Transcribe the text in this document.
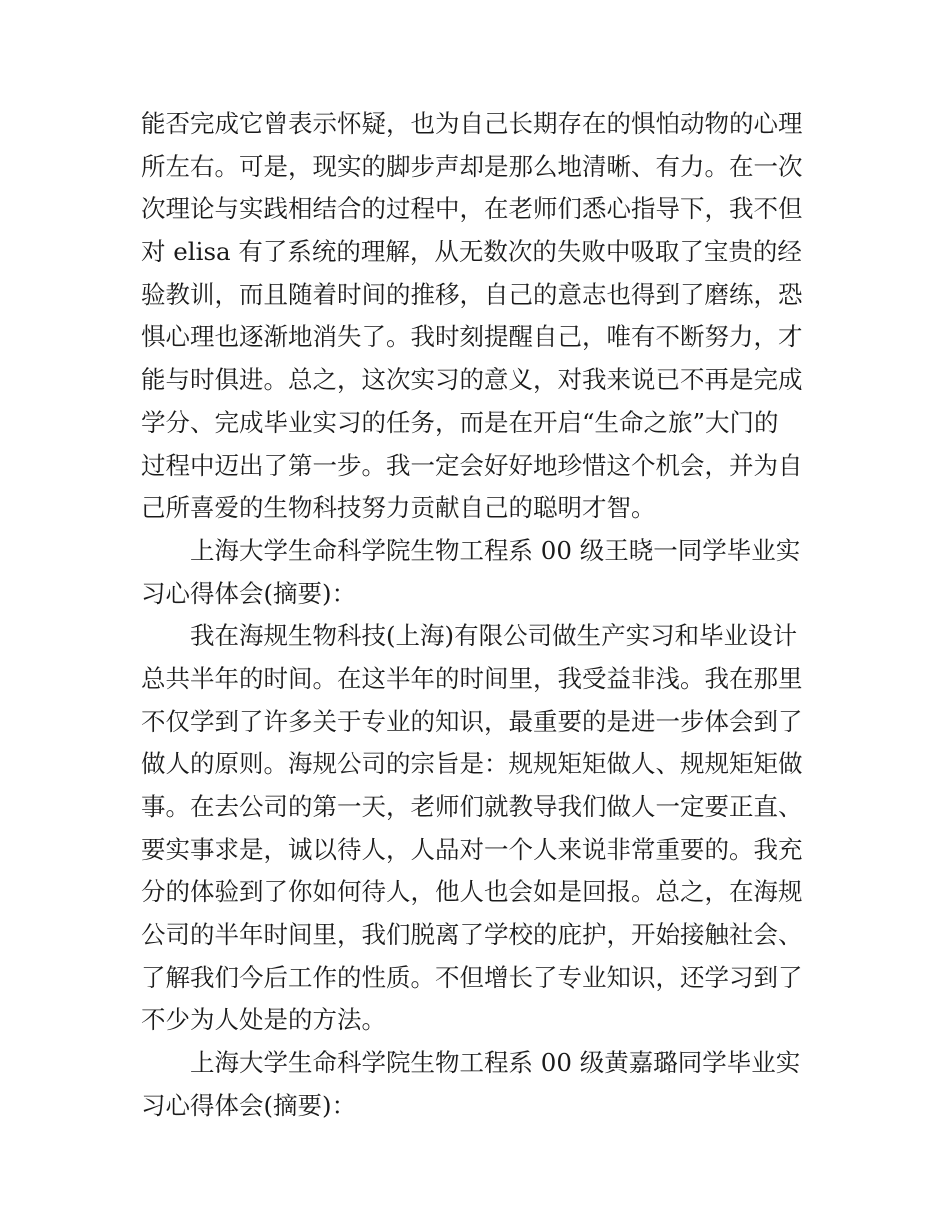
能否完成它曾表示怀疑，也为自己长期存在的惧怕动物的心理
所左右。可是，现实的脚步声却是那么地清晰、有力。在一次
次理论与实践相结合的过程中，在老师们悉心指导下，我不但
对 elisa 有了系统的理解，从无数次的失败中吸取了宝贵的经
验教训，而且随着时间的推移，自己的意志也得到了磨练，恐
惧心理也逐渐地消失了。我时刻提醒自己，唯有不断努力，才
能与时俱进。总之，这次实习的意义，对我来说已不再是完成
学分、完成毕业实习的任务，而是在开启“生命之旅”大门的
过程中迈出了第一步。我一定会好好地珍惜这个机会，并为自
己所喜爱的生物科技努力贡献自己的聪明才智。
上海大学生命科学院生物工程系 00 级王晓一同学毕业实
习心得体会(摘要)：
我在海规生物科技(上海)有限公司做生产实习和毕业设计
总共半年的时间。在这半年的时间里，我受益非浅。我在那里
不仅学到了许多关于专业的知识，最重要的是进一步体会到了
做人的原则。海规公司的宗旨是：规规矩矩做人、规规矩矩做
事。在去公司的第一天，老师们就教导我们做人一定要正直、
要实事求是，诚以待人，人品对一个人来说非常重要的。我充
分的体验到了你如何待人，他人也会如是回报。总之，在海规
公司的半年时间里，我们脱离了学校的庇护，开始接触社会、
了解我们今后工作的性质。不但增长了专业知识，还学习到了
不少为人处是的方法。
上海大学生命科学院生物工程系 00 级黄嘉璐同学毕业实
习心得体会(摘要)：
